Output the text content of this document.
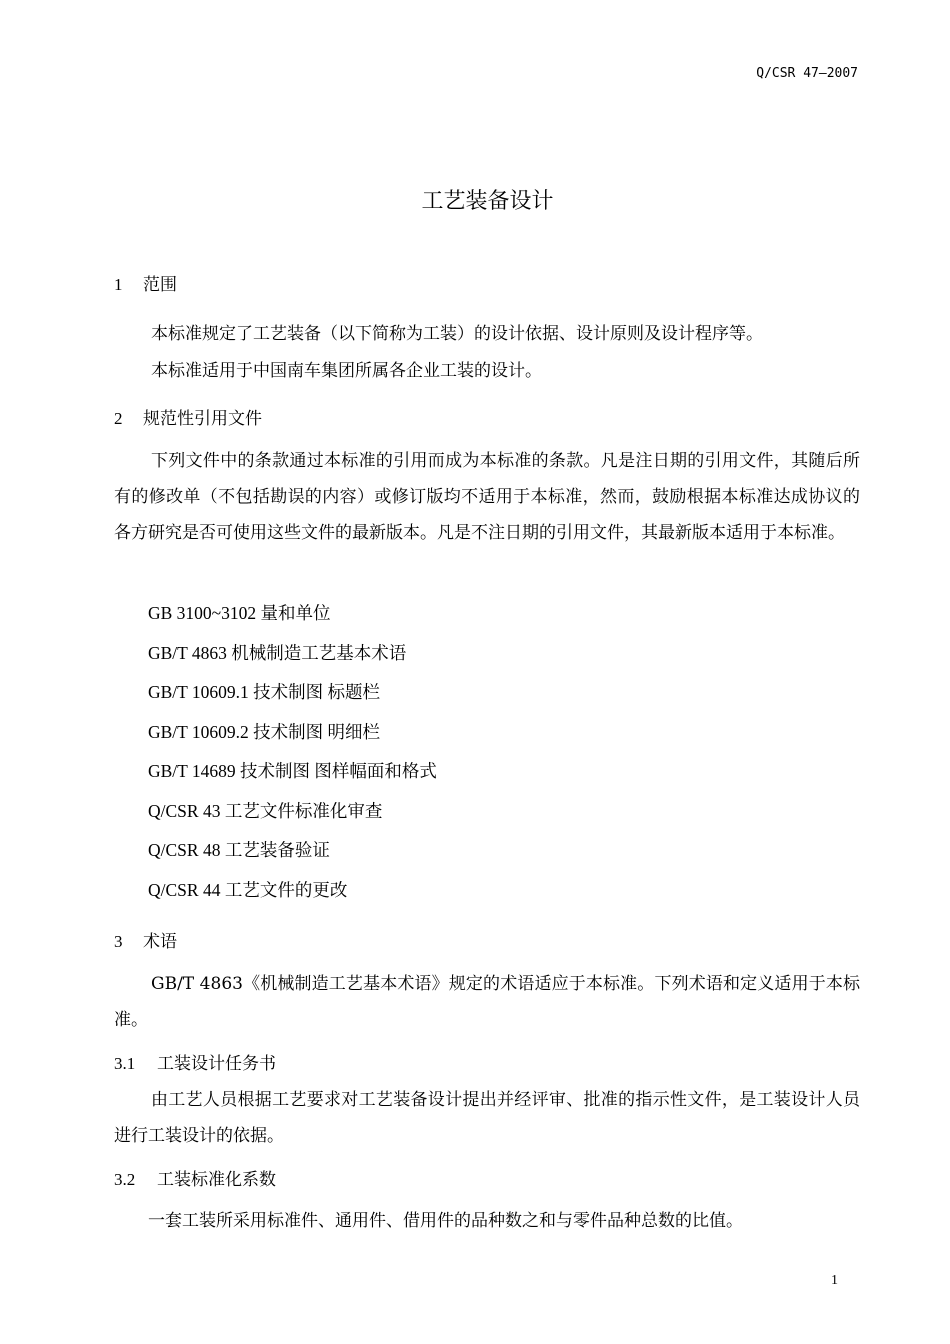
Q/CSR 47—2007
工艺装备设计
1 范围
本标准规定了工艺装备（以下简称为工装）的设计依据、设计原则及设计程序等。
本标准适用于中国南车集团所属各企业工装的设计。
2 规范性引用文件
下列文件中的条款通过本标准的引用而成为本标准的条款。凡是注日期的引用文件，其随后所有的修改单（不包括勘误的内容）或修订版均不适用于本标准，然而，鼓励根据本标准达成协议的各方研究是否可使用这些文件的最新版本。凡是不注日期的引用文件，其最新版本适用于本标准。
GB 3100~3102 量和单位
GB/T 4863 机械制造工艺基本术语
GB/T 10609.1 技术制图 标题栏
GB/T 10609.2 技术制图 明细栏
GB/T 14689 技术制图 图样幅面和格式
Q/CSR 43 工艺文件标准化审查
Q/CSR 48 工艺装备验证
Q/CSR 44 工艺文件的更改
3 术语
GB/T 4863《机械制造工艺基本术语》规定的术语适应于本标准。下列术语和定义适用于本标准。
3.1 工装设计任务书
由工艺人员根据工艺要求对工艺装备设计提出并经评审、批准的指示性文件，是工装设计人员进行工装设计的依据。
3.2 工装标准化系数
一套工装所采用标准件、通用件、借用件的品种数之和与零件品种总数的比值。
1
